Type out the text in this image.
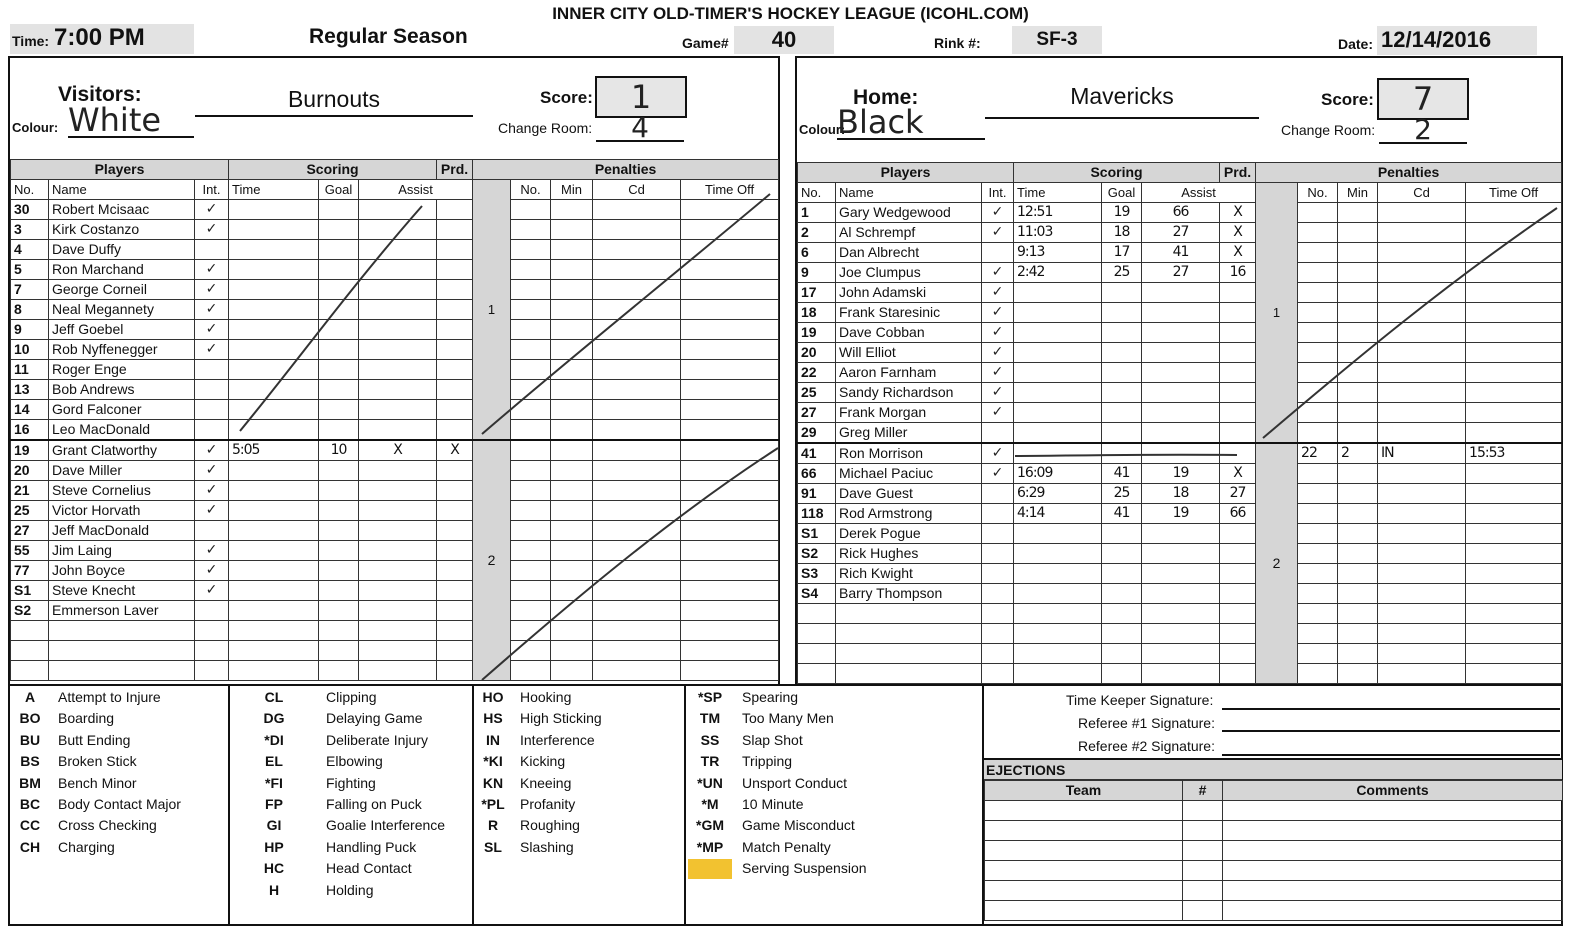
INNER CITY OLD-TIMER'S HOCKEY LEAGUE (ICOHL.COM)
Time: 7:00 PM	Regular Season	Game#	40	Rink #:	SF-3	Date: 12/14/2016
Visitors:	Burnouts
Colour: White
Score:	1
Change Room:	4
Players			Scoring			Prd.	Penalties					
No.	Name	Int.	Time	Goal	Assist		1	No.	Min	Cd	Time Off	
30	Robert Mcisaac	✓										
3	Kirk Costanzo	✓										
4	Dave Duffy											
5	Ron Marchand	✓										
7	George Corneil	✓										
8	Neal Megannety	✓										
9	Jeff Goebel	✓										
10	Rob Nyffenegger	✓										
11	Roger Enge											
13	Bob Andrews											
14	Gord Falconer											
16	Leo MacDonald											
19	Grant Clatworthy	✓	5:05	10	X	X	2					
20	Dave Miller	✓										
21	Steve Cornelius	✓										
25	Victor Horvath	✓										
27	Jeff MacDonald											
55	Jim Laing	✓										
77	John Boyce	✓										
S1	Steve Knecht	✓										
S2	Emmerson Laver											

Home:	Mavericks
Colour:
Black
Score:	7
Change Room:	2
Players			Scoring			Prd.	Penalties					
No.	Name	Int.	Time	Goal	Assist		1	No.	Min	Cd	Time Off	
1	Gary Wedgewood	✓	12:51	19	66	X						
2	Al Schrempf	✓	11:03	18	27	X						
6	Dan Albrecht		9:13	17	41	X						
9	Joe Clumpus	✓	2:42	25	27	16						
17	John Adamski	✓										
18	Frank Staresinic	✓										
19	Dave Cobban	✓										
20	Will Elliot	✓										
22	Aaron Farnham	✓										
25	Sandy Richardson	✓										
27	Frank Morgan	✓										
29	Greg Miller											
41	Ron Morrison	✓					2	22	2	IN	15:53	
66	Michael Paciuc	✓	16:09	41	19	X						
91	Dave Guest		6:29	25	18	27						
118	Rod Armstrong		4:14	41	19	66						
S1	Derek Pogue											
S2	Rick Hughes											
S3	Rich Kwight											
S4	Barry Thompson											

A	Attempt to Injure
BO	Boarding
BU	Butt Ending
BS	Broken Stick
BM	Bench Minor
BC	Body Contact Major
CC	Cross Checking
CH	Charging
CL	Clipping
DG	Delaying Game
*DI	Deliberate Injury
EL	Elbowing
*FI	Fighting
FP	Falling on Puck
GI	Goalie Interference
HP	Handling Puck
HC	Head Contact
H	Holding
HO	Hooking
HS	High Sticking
IN	Interference
*KI	Kicking
KN	Kneeing
*PL	Profanity
R	Roughing
SL	Slashing
*SP	Spearing
TM	Too Many Men
SS	Slap Shot
TR	Tripping
*UN	Unsport Conduct
*M	10 Minute
*GM	Game Misconduct
*MP	Match Penalty
Serving Suspension
Time Keeper Signature:
Referee #1 Signature:
Referee #2 Signature:
EJECTIONS
Team	#	Comments
